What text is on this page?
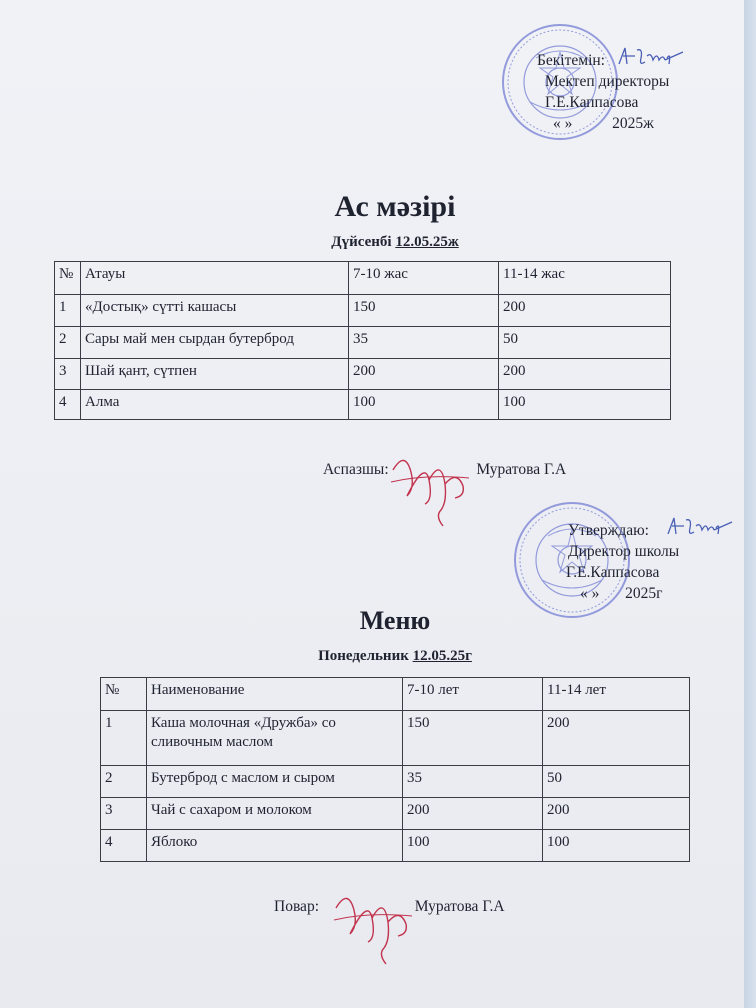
Бекітемін:
Мектеп директоры
Г.Е.Каппасова
« »	2025ж
Ас мәзірі
Дүйсенбі 12.05.25ж
№	Атауы	7-10 жас	11-14 жас
1	«Достық» сүтті кашасы	150	200
2	Сары май мен сырдан бутерброд	35	50
3	Шай қант, сүтпен	200	200
4	Алма	100	100
Аспазшы:	Муратова Г.А
Утверждаю:
Директор школы
Г.Е.Каппасова
« » 2025г
Меню
Понедельник 12.05.25г
№	Наименование	7-10 лет	11-14 лет
1	Каша молочная «Дружба» со сливочным маслом	150	200
2	Бутерброд с маслом и сыром	35	50
3	Чай с сахаром и молоком	200	200
4	Яблоко	100	100
Повар:	Муратова Г.А
